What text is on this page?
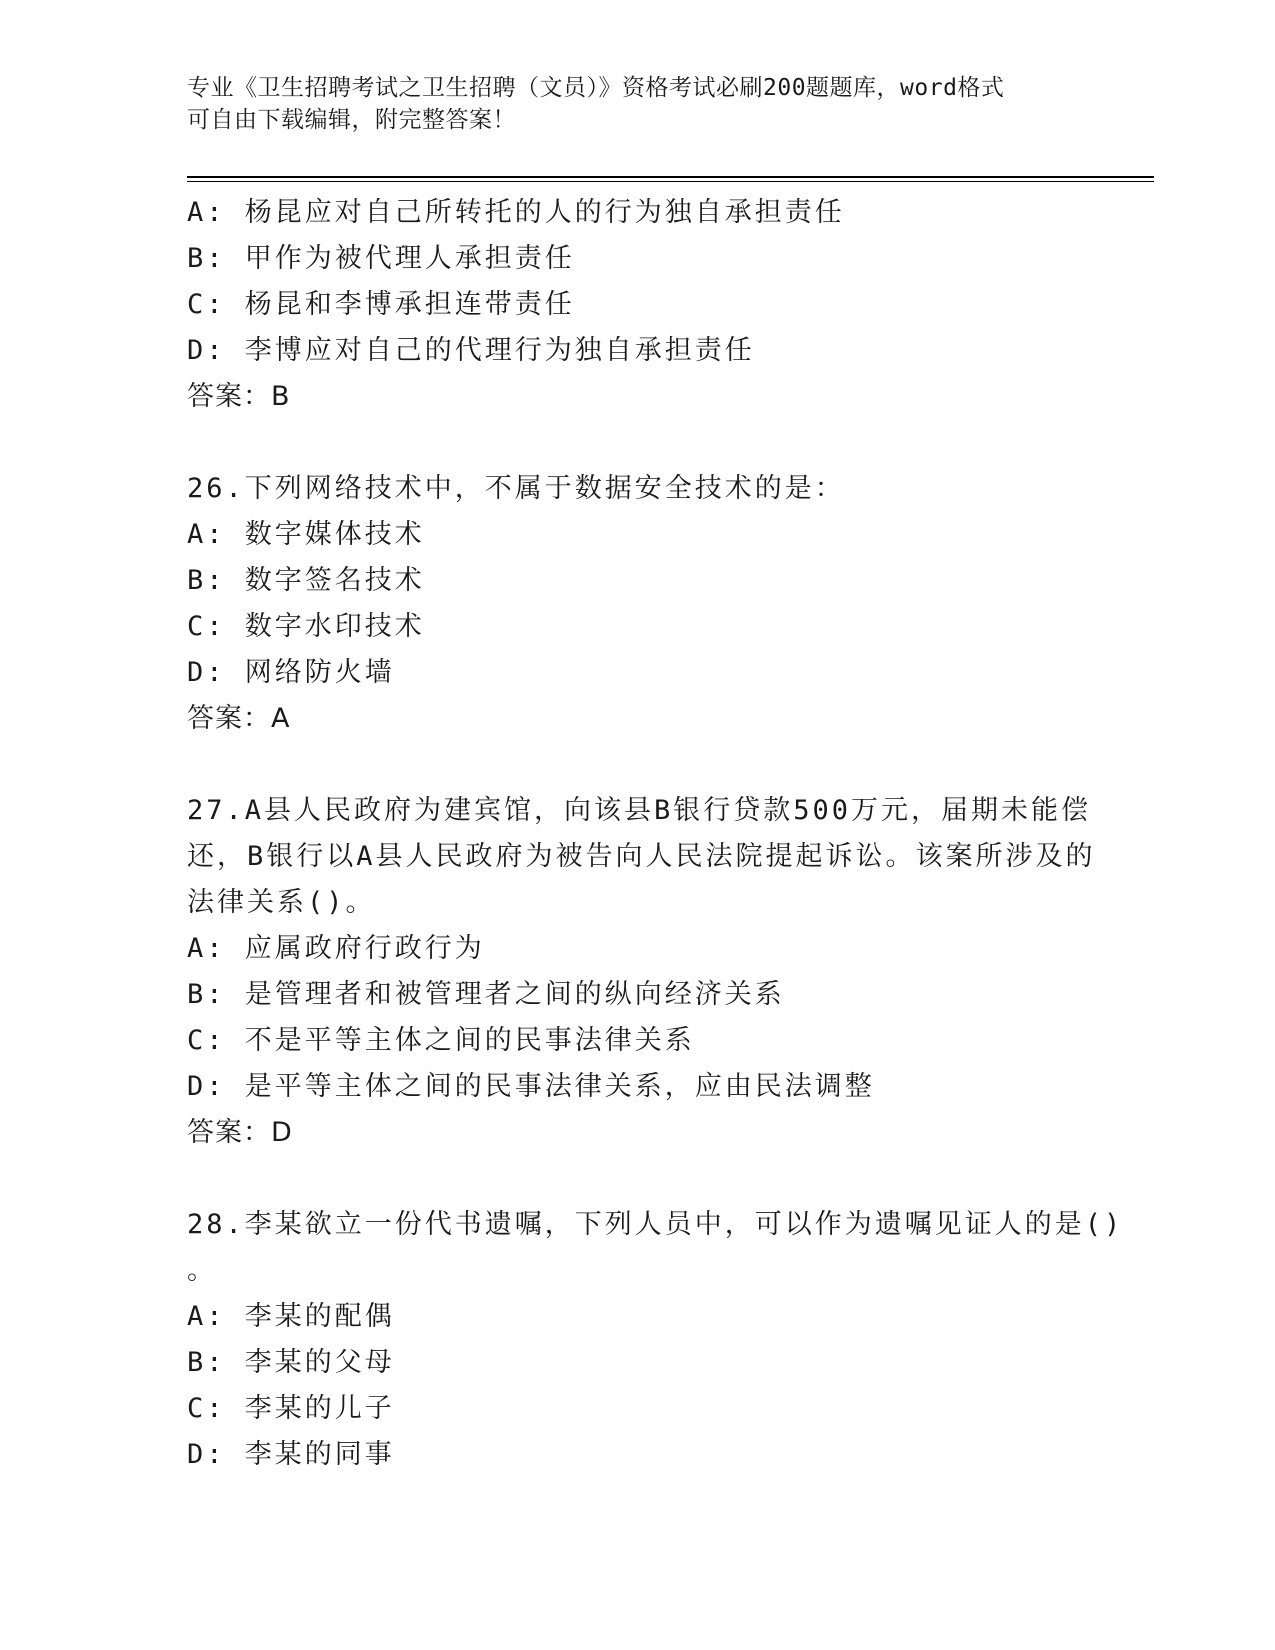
专业《卫生招聘考试之卫生招聘（文员）》资格考试必刷200题题库，word格式
可自由下载编辑，附完整答案！
A: 杨昆应对自己所转托的人的行为独自承担责任
B: 甲作为被代理人承担责任
C: 杨昆和李博承担连带责任
D: 李博应对自己的代理行为独自承担责任
答案：B
26.下列网络技术中，不属于数据安全技术的是：
A: 数字媒体技术
B: 数字签名技术
C: 数字水印技术
D: 网络防火墙
答案：A
27.A县人民政府为建宾馆，向该县B银行贷款500万元，届期未能偿
还，B银行以A县人民政府为被告向人民法院提起诉讼。该案所涉及的
法律关系()。
A: 应属政府行政行为
B: 是管理者和被管理者之间的纵向经济关系
C: 不是平等主体之间的民事法律关系
D: 是平等主体之间的民事法律关系，应由民法调整
答案：D
28.李某欲立一份代书遗嘱，下列人员中，可以作为遗嘱见证人的是()
。
A: 李某的配偶
B: 李某的父母
C: 李某的儿子
D: 李某的同事
